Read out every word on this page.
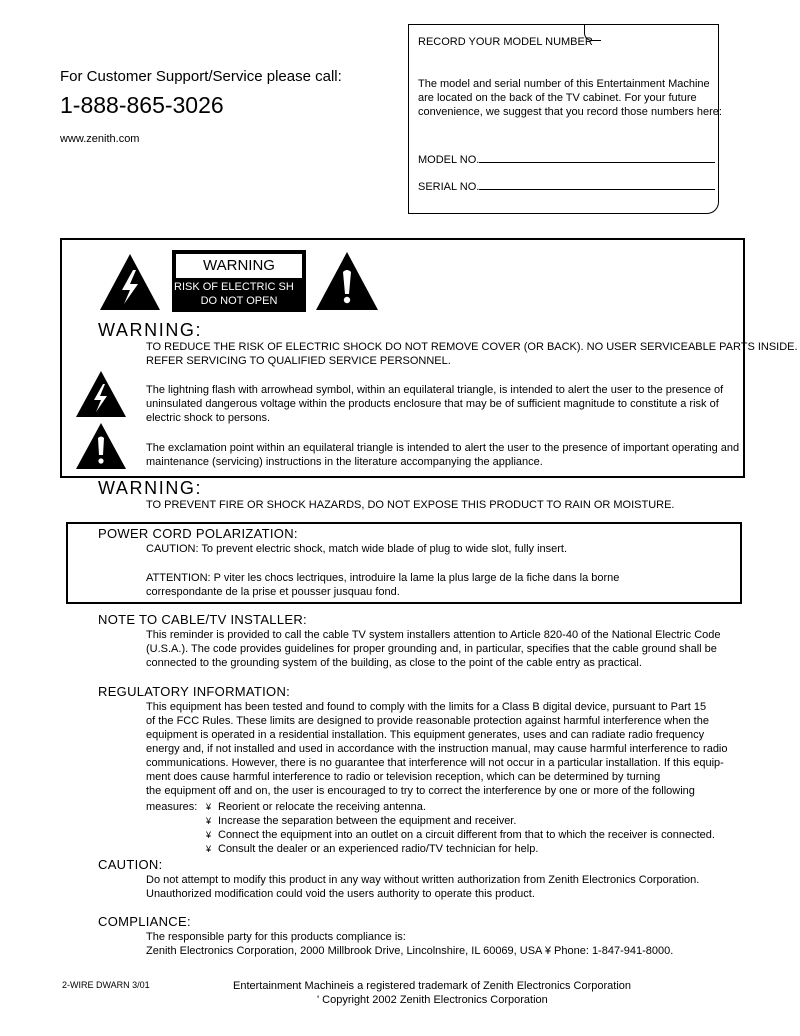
For Customer Support/Service please call:
1-888-865-3026
www.zenith.com
RECORD YOUR MODEL NUMBER
The model and serial number of this Entertainment Machine
are located on the back of the TV cabinet. For your future
convenience, we suggest that you record those numbers here:
MODEL NO.
SERIAL NO.
WARNING
RISK OF ELECTRIC SH
DO NOT OPEN
WARNING:
TO REDUCE THE RISK OF ELECTRIC SHOCK DO NOT REMOVE COVER (OR BACK). NO USER SERVICEABLE PARTS INSIDE.
REFER SERVICING TO QUALIFIED SERVICE PERSONNEL.
The lightning flash with arrowhead symbol, within an equilateral triangle, is intended to alert the user to the presence of
uninsulated dangerous voltage within the products enclosure that may be of sufficient magnitude to constitute a risk of
electric shock to persons.
The exclamation point within an equilateral triangle is intended to alert the user to the presence of important operating and
maintenance (servicing) instructions in the literature accompanying the appliance.
WARNING:
TO PREVENT FIRE OR SHOCK HAZARDS, DO NOT EXPOSE THIS PRODUCT TO RAIN OR MOISTURE.
POWER CORD POLARIZATION:
CAUTION: To prevent electric shock, match wide blade of plug to wide slot, fully insert.
ATTENTION: P viter les chocs lectriques, introduire la lame la plus large de la fiche dans la borne
correspondante de la prise et pousser jusquau fond.
NOTE TO CABLE/TV INSTALLER:
This reminder is provided to call the cable TV system installers attention to Article 820-40 of the National Electric Code
(U.S.A.). The code provides guidelines for proper grounding and, in particular, specifies that the cable ground shall be
connected to the grounding system of the building, as close to the point of the cable entry as practical.
REGULATORY INFORMATION:
This equipment has been tested and found to comply with the limits for a Class B digital device, pursuant to Part 15
of the FCC Rules. These limits are designed to provide reasonable protection against harmful interference when the
equipment is operated in a residential installation. This equipment generates, uses and can radiate radio frequency
energy and, if not installed and used in accordance with the instruction manual, may cause harmful interference to radio
communications. However, there is no guarantee that interference will not occur in a particular installation. If this equip-
ment does cause harmful interference to radio or television reception, which can be determined by turning
the equipment off and on, the user is encouraged to try to correct the interference by one or more of the following
measures: ¥ Reorient or relocate the receiving antenna.
¥ Increase the separation between the equipment and receiver.
¥ Connect the equipment into an outlet on a circuit different from that to which the receiver is connected.
¥ Consult the dealer or an experienced radio/TV technician for help.
CAUTION:
Do not attempt to modify this product in any way without written authorization from Zenith Electronics Corporation.
Unauthorized modification could void the users authority to operate this product.
COMPLIANCE:
The responsible party for this products compliance is:
Zenith Electronics Corporation, 2000 Millbrook Drive, Lincolnshire, IL 60069, USA ¥ Phone: 1-847-941-8000.
2-WIRE DWARN 3/01	Entertainment Machineis a registered trademark of Zenith Electronics Corporation
' Copyright 2002 Zenith Electronics Corporation
